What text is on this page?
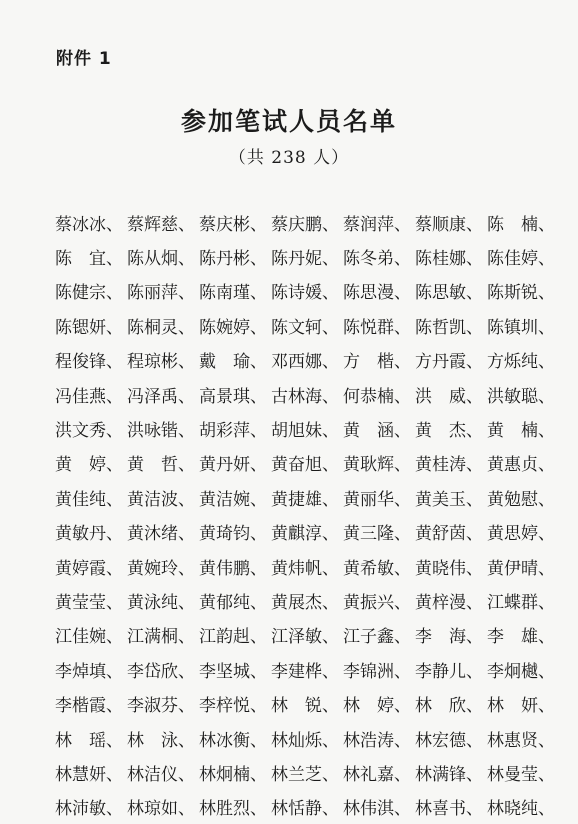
附件 1
参加笔试人员名单
（共 238 人）
蔡冰冰、 蔡辉慈、 蔡庆彬、 蔡庆鹏、 蔡润萍、 蔡顺康、 陈　楠、
陈　宜、 陈从炯、 陈丹彬、 陈丹妮、 陈冬弟、 陈桂娜、 陈佳婷、
陈健宗、 陈丽萍、 陈南瑾、 陈诗媛、 陈思漫、 陈思敏、 陈斯锐、
陈锶妍、 陈桐灵、 陈婉婷、 陈文轲、 陈悦群、 陈哲凯、 陈镇圳、
程俊锋、 程琼彬、 戴　瑜、 邓西娜、 方　楷、 方丹霞、 方烁纯、
冯佳燕、 冯泽禹、 高景琪、 古林海、 何恭楠、 洪　威、 洪敏聪、
洪文秀、 洪咏锴、 胡彩萍、 胡旭妹、 黄　涵、 黄　杰、 黄　楠、
黄　婷、 黄　哲、 黄丹妍、 黄奋旭、 黄耿辉、 黄桂涛、 黄惠贞、
黄佳纯、 黄洁波、 黄洁婉、 黄捷雄、 黄丽华、 黄美玉、 黄勉慰、
黄敏丹、 黄沐绪、 黄琦钧、 黄麒淳、 黄三隆、 黄舒茵、 黄思婷、
黄婷霞、 黄婉玲、 黄伟鹏、 黄炜帆、 黄希敏、 黄晓伟、 黄伊晴、
黄莹莹、 黄泳纯、 黄郁纯、 黄展杰、 黄振兴、 黄梓漫、 江蝶群、
江佳婉、 江满桐、 江韵赳、 江泽敏、 江子鑫、 李　海、 李　雄、
李焯填、 李岱欣、 李坚城、 李建桦、 李锦洲、 李静儿、 李炯樾、
李楷霞、 李淑芬、 李梓悦、 林　锐、 林　婷、 林　欣、 林　妍、
林　瑶、 林　泳、 林冰衡、 林灿烁、 林浩涛、 林宏德、 林惠贤、
林慧妍、 林洁仪、 林炯楠、 林兰芝、 林礼嘉、 林满锋、 林曼莹、
林沛敏、 林琼如、 林胜烈、 林恬静、 林伟淇、 林喜书、 林晓纯、
